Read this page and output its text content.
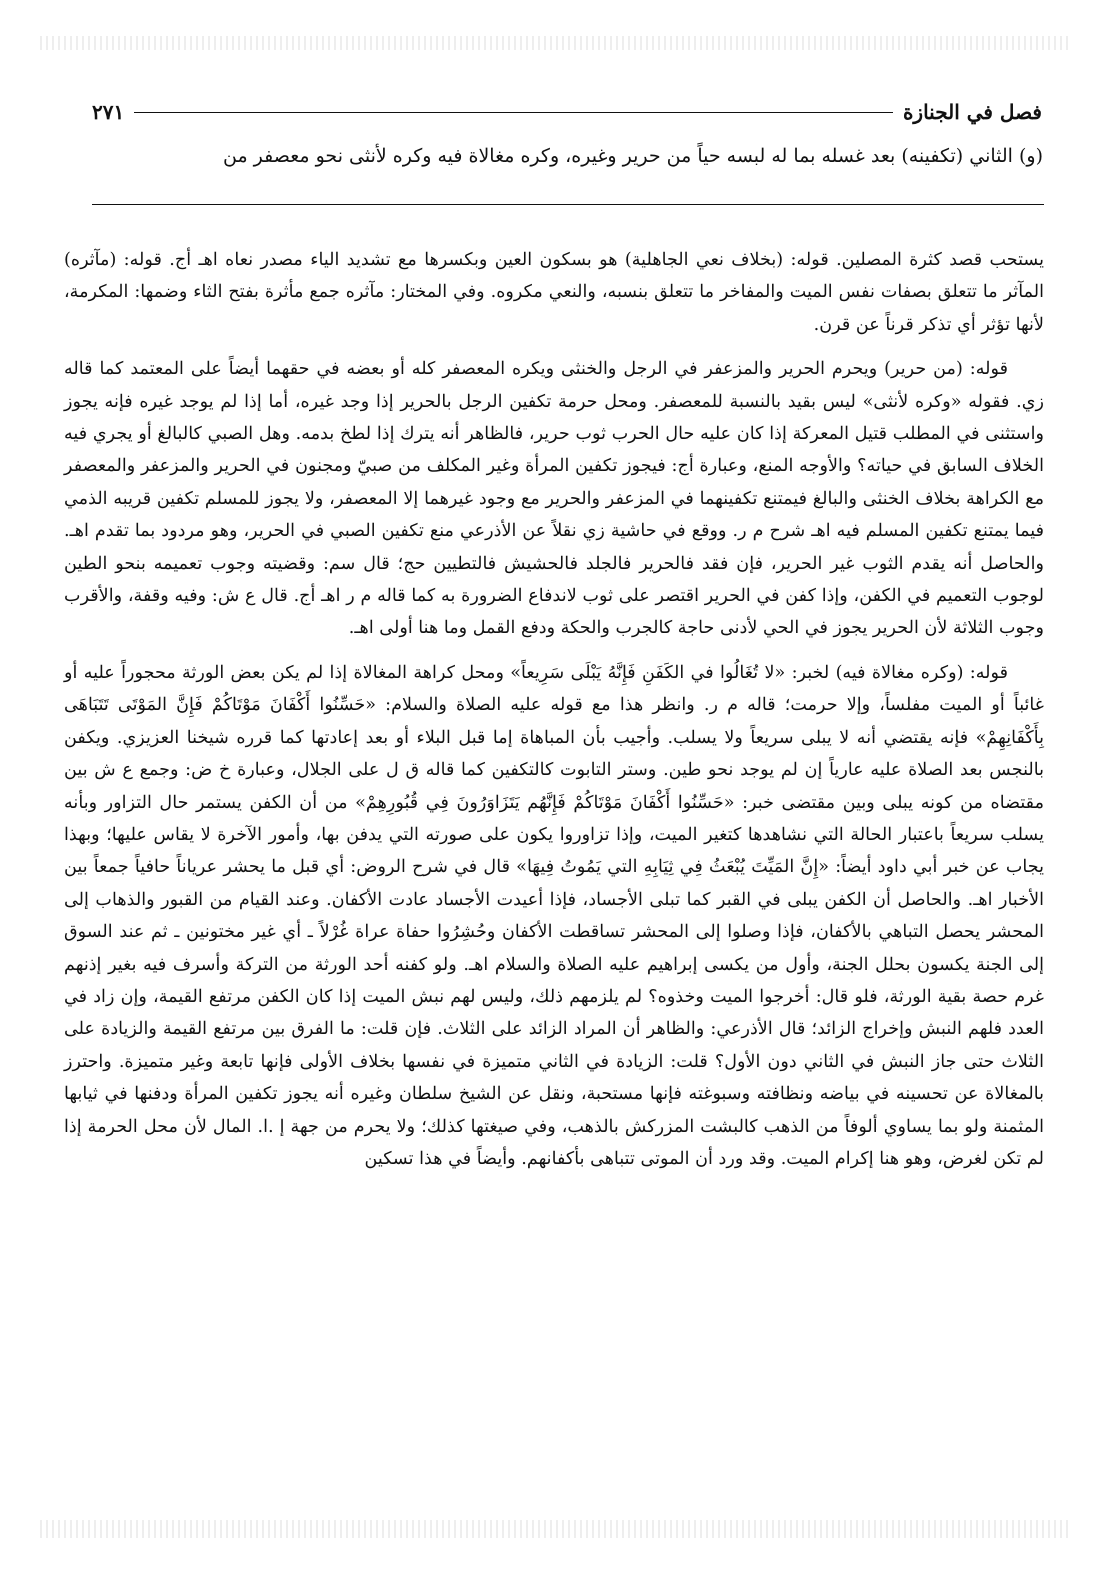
فصل في الجنازة
٢٧١
(و) الثاني (تكفينه) بعد غسله بما له لبسه حياً من حرير وغيره، وكره مغالاة فيه وكره لأنثى نحو معصفر من

يستحب قصد كثرة المصلين. قوله: (بخلاف نعي الجاهلية) هو بسكون العين وبكسرها مع تشديد الياء مصدر نعاه اهـ أج. قوله: (مآثره) المآثر ما تتعلق بصفات نفس الميت والمفاخر ما تتعلق بنسبه، والنعي مكروه. وفي المختار: مآثره جمع مأثرة بفتح الثاء وضمها: المكرمة، لأنها تؤثر أي تذكر قرناً عن قرن.

قوله: (من حرير) ويحرم الحرير والمزعفر في الرجل والخنثى ويكره المعصفر كله أو بعضه في حقهما أيضاً على المعتمد كما قاله زي. فقوله «وكره لأنثى» ليس بقيد بالنسبة للمعصفر. ومحل حرمة تكفين الرجل بالحرير إذا وجد غيره، أما إذا لم يوجد غيره فإنه يجوز واستثنى في المطلب قتيل المعركة إذا كان عليه حال الحرب ثوب حرير، فالظاهر أنه يترك إذا لطخ بدمه. وهل الصبي كالبالغ أو يجري فيه الخلاف السابق في حياته؟ والأوجه المنع، وعبارة أج: فيجوز تكفين المرأة وغير المكلف من صبيّ ومجنون في الحرير والمزعفر والمعصفر مع الكراهة بخلاف الخنثى والبالغ فيمتنع تكفينهما في المزعفر والحرير مع وجود غيرهما إلا المعصفر، ولا يجوز للمسلم تكفين قريبه الذمي فيما يمتنع تكفين المسلم فيه اهـ شرح م ر. ووقع في حاشية زي نقلاً عن الأذرعي منع تكفين الصبي في الحرير، وهو مردود بما تقدم اهـ. والحاصل أنه يقدم الثوب غير الحرير، فإن فقد فالحرير فالجلد فالحشيش فالتطيين حج؛ قال سم: وقضيته وجوب تعميمه بنحو الطين لوجوب التعميم في الكفن، وإذا كفن في الحرير اقتصر على ثوب لاندفاع الضرورة به كما قاله م ر اهـ أج. قال ع ش: وفيه وقفة، والأقرب وجوب الثلاثة لأن الحرير يجوز في الحي لأدنى حاجة كالجرب والحكة ودفع القمل وما هنا أولى اهـ.

قوله: (وكره مغالاة فيه) لخبر: «لا تُغَالُوا في الكَفَنِ فَإِنَّهُ يَبْلَى سَرِيعاً» ومحل كراهة المغالاة إذا لم يكن بعض الورثة محجوراً عليه أو غائباً أو الميت مفلساً، وإلا حرمت؛ قاله م ر. وانظر هذا مع قوله عليه الصلاة والسلام: «حَسِّنُوا أَكْفَانَ مَوْتَاكُمْ فَإِنَّ المَوْتَى تَتَبَاهَى بِأَكْفَانِهِمْ» فإنه يقتضي أنه لا يبلى سريعاً ولا يسلب. وأجيب بأن المباهاة إما قبل البلاء أو بعد إعادتها كما قرره شيخنا العزيزي. ويكفن بالنجس بعد الصلاة عليه عارياً إن لم يوجد نحو طين. وستر التابوت كالتكفين كما قاله ق ل على الجلال، وعبارة خ ض: وجمع ع ش بين مقتضاه من كونه يبلى وبين مقتضى خبر: «حَسِّنُوا أَكْفَانَ مَوْتَاكُمْ فَإِنَّهُم يَتَزَاوَرُونَ فِي قُبُورِهِمْ» من أن الكفن يستمر حال التزاور وبأنه يسلب سريعاً باعتبار الحالة التي نشاهدها كتغير الميت، وإذا تزاوروا يكون على صورته التي يدفن بها، وأمور الآخرة لا يقاس عليها؛ وبهذا يجاب عن خبر أبي داود أيضاً: «إِنَّ المَيِّتَ يُبْعَثُ فِي ثِيَابِهِ التي يَمُوتُ فِيهَا» قال في شرح الروض: أي قبل ما يحشر عرياناً حافياً جمعاً بين الأخبار اهـ. والحاصل أن الكفن يبلى في القبر كما تبلى الأجساد، فإذا أعيدت الأجساد عادت الأكفان. وعند القيام من القبور والذهاب إلى المحشر يحصل التباهي بالأكفان، فإذا وصلوا إلى المحشر تساقطت الأكفان وحُشِرُوا حفاة عراة غُرْلاً ـ أي غير مختونين ـ ثم عند السوق إلى الجنة يكسون بحلل الجنة، وأول من يكسى إبراهيم عليه الصلاة والسلام اهـ. ولو كفنه أحد الورثة من التركة وأسرف فيه بغير إذنهم غرم حصة بقية الورثة، فلو قال: أخرجوا الميت وخذوه؟ لم يلزمهم ذلك، وليس لهم نبش الميت إذا كان الكفن مرتفع القيمة، وإن زاد في العدد فلهم النبش وإخراج الزائد؛ قال الأذرعي: والظاهر أن المراد الزائد على الثلاث. فإن قلت: ما الفرق بين مرتفع القيمة والزيادة على الثلاث حتى جاز النبش في الثاني دون الأول؟ قلت: الزيادة في الثاني متميزة في نفسها بخلاف الأولى فإنها تابعة وغير متميزة. واحترز بالمغالاة عن تحسينه في بياضه ونظافته وسبوغته فإنها مستحبة، ونقل عن الشيخ سلطان وغيره أنه يجوز تكفين المرأة ودفنها في ثيابها المثمنة ولو بما يساوي ألوفاً من الذهب كالبشت المزركش بالذهب، وفي صيغتها كذلك؛ ولا يحرم من جهة إ .ا. المال لأن محل الحرمة إذا لم تكن لغرض، وهو هنا إكرام الميت. وقد ورد أن الموتى تتباهى بأكفانهم. وأيضاً في هذا تسكين
